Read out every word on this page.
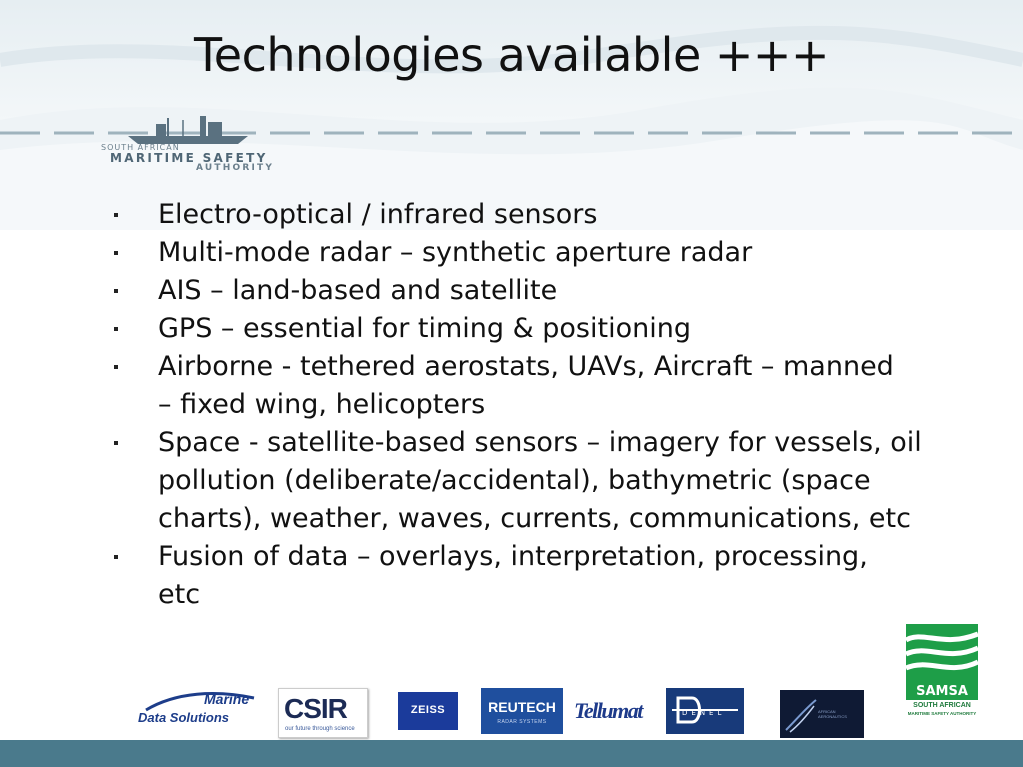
SOUTH AFRICAN
MARITIME SAFETY
AUTHORITY
Technologies available +++
Electro-optical / infrared sensors
Multi-mode radar – synthetic aperture radar
AIS – land-based and satellite
GPS – essential for timing & positioning
Airborne - tethered aerostats, UAVs, Aircraft – manned – fixed wing, helicopters
Space - satellite-based sensors – imagery for vessels, oil pollution (deliberate/accidental), bathymetric (space charts), weather, waves, currents, communications, etc
Fusion of data – overlays, interpretation, processing, etc
SAMSA
SOUTH AFRICAN
MARITIME SAFETY AUTHORITY
Marine
Data Solutions CSIR
our future through science
ZEISS	REUTECH
RADAR SYSTEMS	Tellumat	DENEL	AFRICAN AERONAUTICS
